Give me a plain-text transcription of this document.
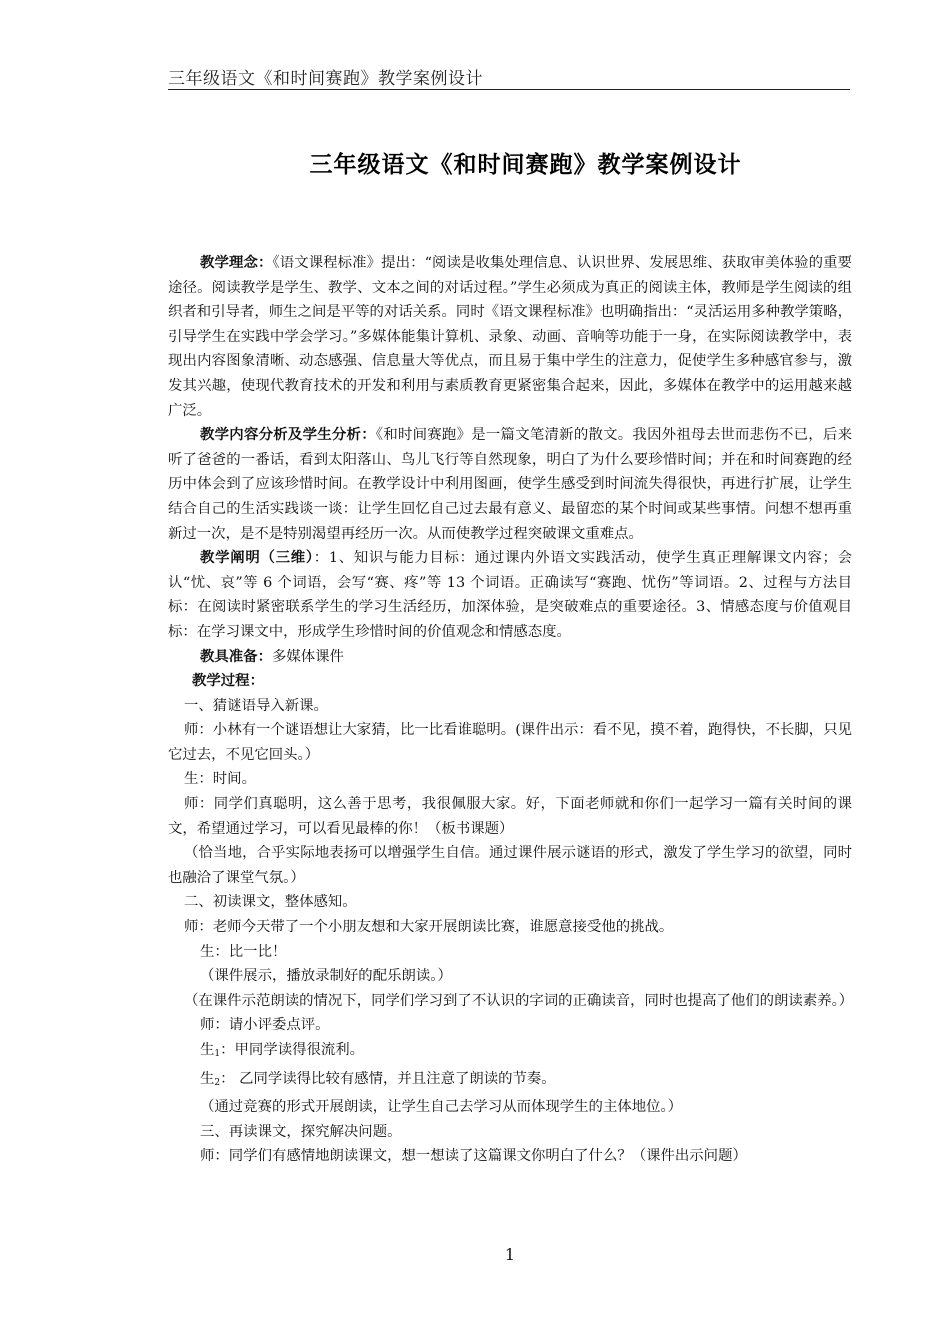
三年级语文《和时间赛跑》教学案例设计
三年级语文《和时间赛跑》教学案例设计

教学理念：《语文课程标准》提出：“阅读是收集处理信息、认识世界、发展思维、获取审美体验的重要途径。阅读教学是学生、教学、文本之间的对话过程。”学生必须成为真正的阅读主体，教师是学生阅读的组织者和引导者，师生之间是平等的对话关系。同时《语文课程标准》也明确指出：“灵活运用多种教学策略，引导学生在实践中学会学习。”多媒体能集计算机、录象、动画、音响等功能于一身，在实际阅读教学中，表现出内容图象清晰、动态感强、信息量大等优点，而且易于集中学生的注意力，促使学生多种感官参与，激发其兴趣，使现代教育技术的开发和利用与素质教育更紧密集合起来，因此，多媒体在教学中的运用越来越广泛。

教学内容分析及学生分析：《和时间赛跑》是一篇文笔清新的散文。我因外祖母去世而悲伤不已，后来听了爸爸的一番话，看到太阳落山、鸟儿飞行等自然现象，明白了为什么要珍惜时间；并在和时间赛跑的经历中体会到了应该珍惜时间。在教学设计中利用图画，使学生感受到时间流失得很快，再进行扩展，让学生结合自己的生活实践谈一谈：让学生回忆自己过去最有意义、最留恋的某个时间或某些事情。问想不想再重新过一次，是不是特别渴望再经历一次。从而使教学过程突破课文重难点。

教学阐明（三维）：1、知识与能力目标：通过课内外语文实践活动，使学生真正理解课文内容；会认“忧、哀”等 6 个词语，会写“赛、疼”等 13 个词语。正确读写“赛跑、忧伤”等词语。2、过程与方法目标：在阅读时紧密联系学生的学习生活经历，加深体验，是突破难点的重要途径。3、情感态度与价值观目标：在学习课文中，形成学生珍惜时间的价值观念和情感态度。

教具准备：多媒体课件

教学过程：

一、猜谜语导入新课。

师：小林有一个谜语想让大家猜，比一比看谁聪明。(课件出示：看不见，摸不着，跑得快，不长脚，只见它过去，不见它回头。）

生：时间。

师：同学们真聪明，这么善于思考，我很佩服大家。好，下面老师就和你们一起学习一篇有关时间的课文，希望通过学习，可以看见最棒的你！（板书课题）

（恰当地，合乎实际地表扬可以增强学生自信。通过课件展示谜语的形式，激发了学生学习的欲望，同时也融洽了课堂气氛。）

二、初读课文，整体感知。

师：老师今天带了一个小朋友想和大家开展朗读比赛，谁愿意接受他的挑战。

生：比一比！

（课件展示，播放录制好的配乐朗读。）

（在课件示范朗读的情况下，同学们学习到了不认识的字词的正确读音，同时也提高了他们的朗读素养。）

师：请小评委点评。

生$_1$：甲同学读得很流利。

生$_2$： 乙同学读得比较有感情，并且注意了朗读的节奏。

（通过竞赛的形式开展朗读，让学生自己去学习从而体现学生的主体地位。）

三、再读课文，探究解决问题。

师：同学们有感情地朗读课文，想一想读了这篇课文你明白了什么？（课件出示问题）

1
